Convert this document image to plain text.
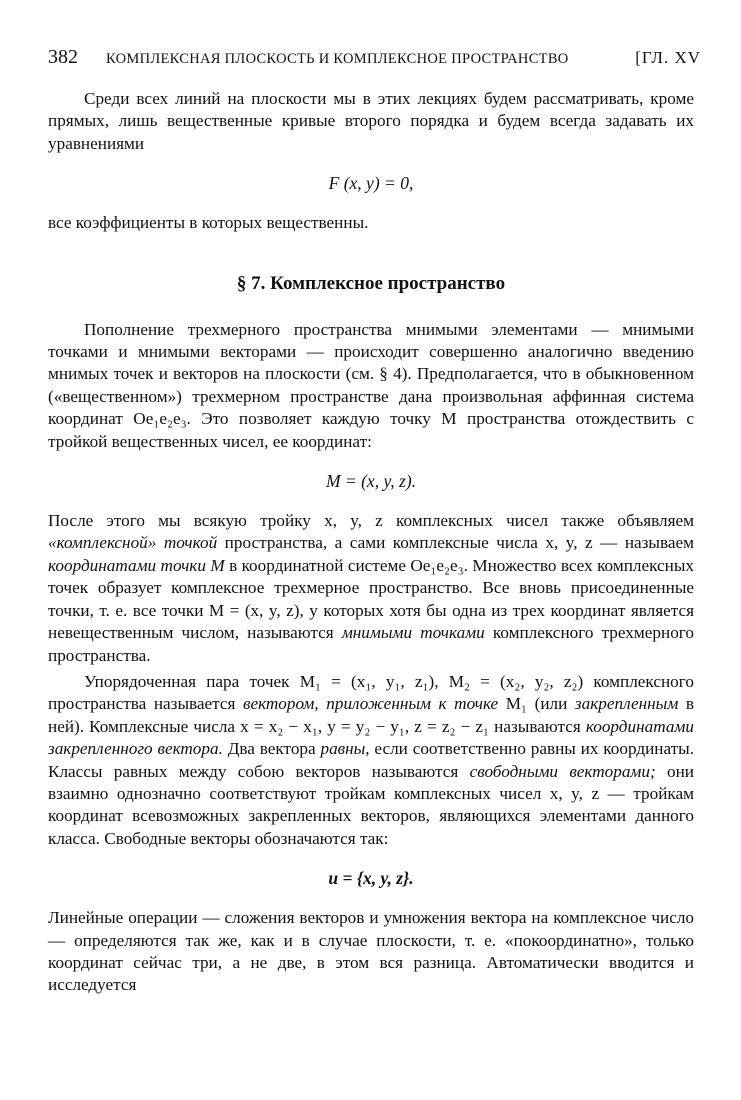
382 КОМПЛЕКСНАЯ ПЛОСКОСТЬ И КОМПЛЕКСНОЕ ПРОСТРАНСТВО	[ГЛ. XV

Среди всех линий на плоскости мы в этих лекциях будем рассматривать, кроме прямых, лишь вещественные кривые второго порядка и будем всегда задавать их уравнениями

F (x, y) = 0,

все коэффициенты в которых вещественны.

§ 7. Комплексное пространство

Пополнение трехмерного пространства мнимыми элементами — мнимыми точками и мнимыми векторами — происходит совершенно аналогично введению мнимых точек и векторов на плоскости (см. § 4). Предполагается, что в обыкновенном («вещественном») трехмерном пространстве дана произвольная аффинная система координат Oe₁e₂e₃. Это позволяет каждую точку M пространства отождествить с тройкой вещественных чисел, ее координат:

M = (x, y, z).

После этого мы всякую тройку x, y, z комплексных чисел также объявляем «комплексной» точкой пространства, а сами комплексные числа x, y, z — называем координатами точки M в координатной системе Oe₁e₂e₃. Множество всех комплексных точек образует комплексное трехмерное пространство. Все вновь присоединенные точки, т. е. все точки M = (x, y, z), у которых хотя бы одна из трех координат является невещественным числом, называются мнимыми точками комплексного трехмерного пространства.

Упорядоченная пара точек M₁ = (x₁, y₁, z₁), M₂ = (x₂, y₂, z₂) комплексного пространства называется вектором, приложенным к точке M₁ (или закрепленным в ней). Комплексные числа x = x₂ − x₁, y = y₂ − y₁, z = z₂ − z₁ называются координатами закрепленного вектора. Два вектора равны, если соответственно равны их координаты. Классы равных между собою векторов называются свободными векторами; они взаимно однозначно соответствуют тройкам комплексных чисел x, y, z — тройкам координат всевозможных закрепленных векторов, являющихся элементами данного класса. Свободные векторы обозначаются так:

u = {x, y, z}.

Линейные операции — сложения векторов и умножения вектора на комплексное число — определяются так же, как и в случае плоскости, т. е. «покоординатно», только координат сейчас три, а не две, в этом вся разница. Автоматически вводится и исследуется
